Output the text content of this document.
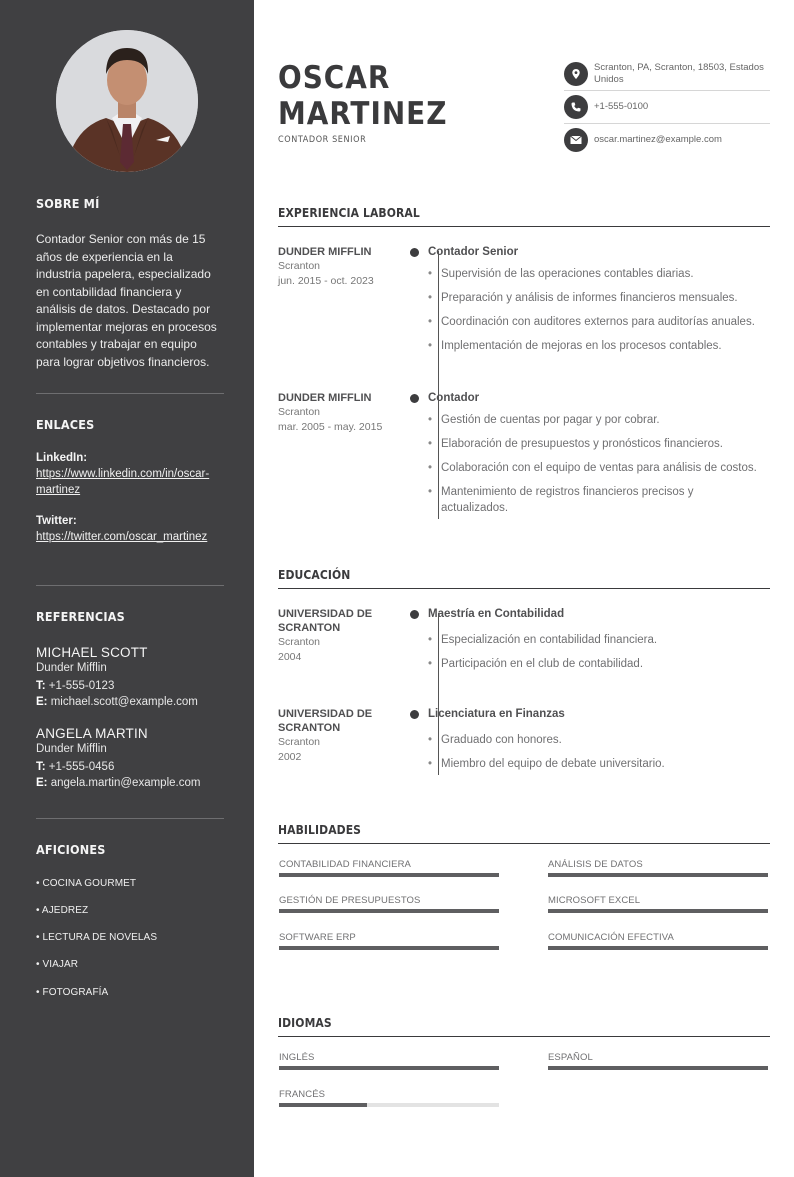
SOBRE MÍ
Contador Senior con más de 15 años de experiencia en la industria papelera, especializado en contabilidad financiera y análisis de datos. Destacado por implementar mejoras en procesos contables y trabajar en equipo para lograr objetivos financieros.
ENLACES
LinkedIn:
https://www.linkedin.com/in/oscar-martinez
Twitter:
https://twitter.com/oscar_martinez
REFERENCIAS
MICHAEL SCOTT
Dunder Mifflin
T: +1-555-0123
E: michael.scott@example.com
ANGELA MARTIN
Dunder Mifflin
T: +1-555-0456
E: angela.martin@example.com
AFICIONES
• COCINA GOURMET
• AJEDREZ
• LECTURA DE NOVELAS
• VIAJAR
• FOTOGRAFÍA
OSCAR
MARTINEZ
CONTADOR SENIOR
Scranton, PA, Scranton, 18503, Estados Unidos
+1-555-0100
oscar.martinez@example.com
EXPERIENCIA LABORAL
DUNDER MIFFLIN
Scranton
jun. 2015 - oct. 2023
Contador Senior
• Supervisión de las operaciones contables diarias.
• Preparación y análisis de informes financieros mensuales.
• Coordinación con auditores externos para auditorías anuales.
• Implementación de mejoras en los procesos contables.
DUNDER MIFFLIN
Scranton
mar. 2005 - may. 2015
Contador
• Gestión de cuentas por pagar y por cobrar.
• Elaboración de presupuestos y pronósticos financieros.
• Colaboración con el equipo de ventas para análisis de costos.
• Mantenimiento de registros financieros precisos y actualizados.
EDUCACIÓN
UNIVERSIDAD DE SCRANTON
Scranton
2004
Maestría en Contabilidad
• Especialización en contabilidad financiera.
• Participación en el club de contabilidad.
UNIVERSIDAD DE SCRANTON
Scranton
2002
Licenciatura en Finanzas
• Graduado con honores.
• Miembro del equipo de debate universitario.
HABILIDADES
CONTABILIDAD FINANCIERA	ANÁLISIS DE DATOS
GESTIÓN DE PRESUPUESTOS	MICROSOFT EXCEL
SOFTWARE ERP	COMUNICACIÓN EFECTIVA
IDIOMAS
INGLÉS	ESPAÑOL
FRANCÉS
